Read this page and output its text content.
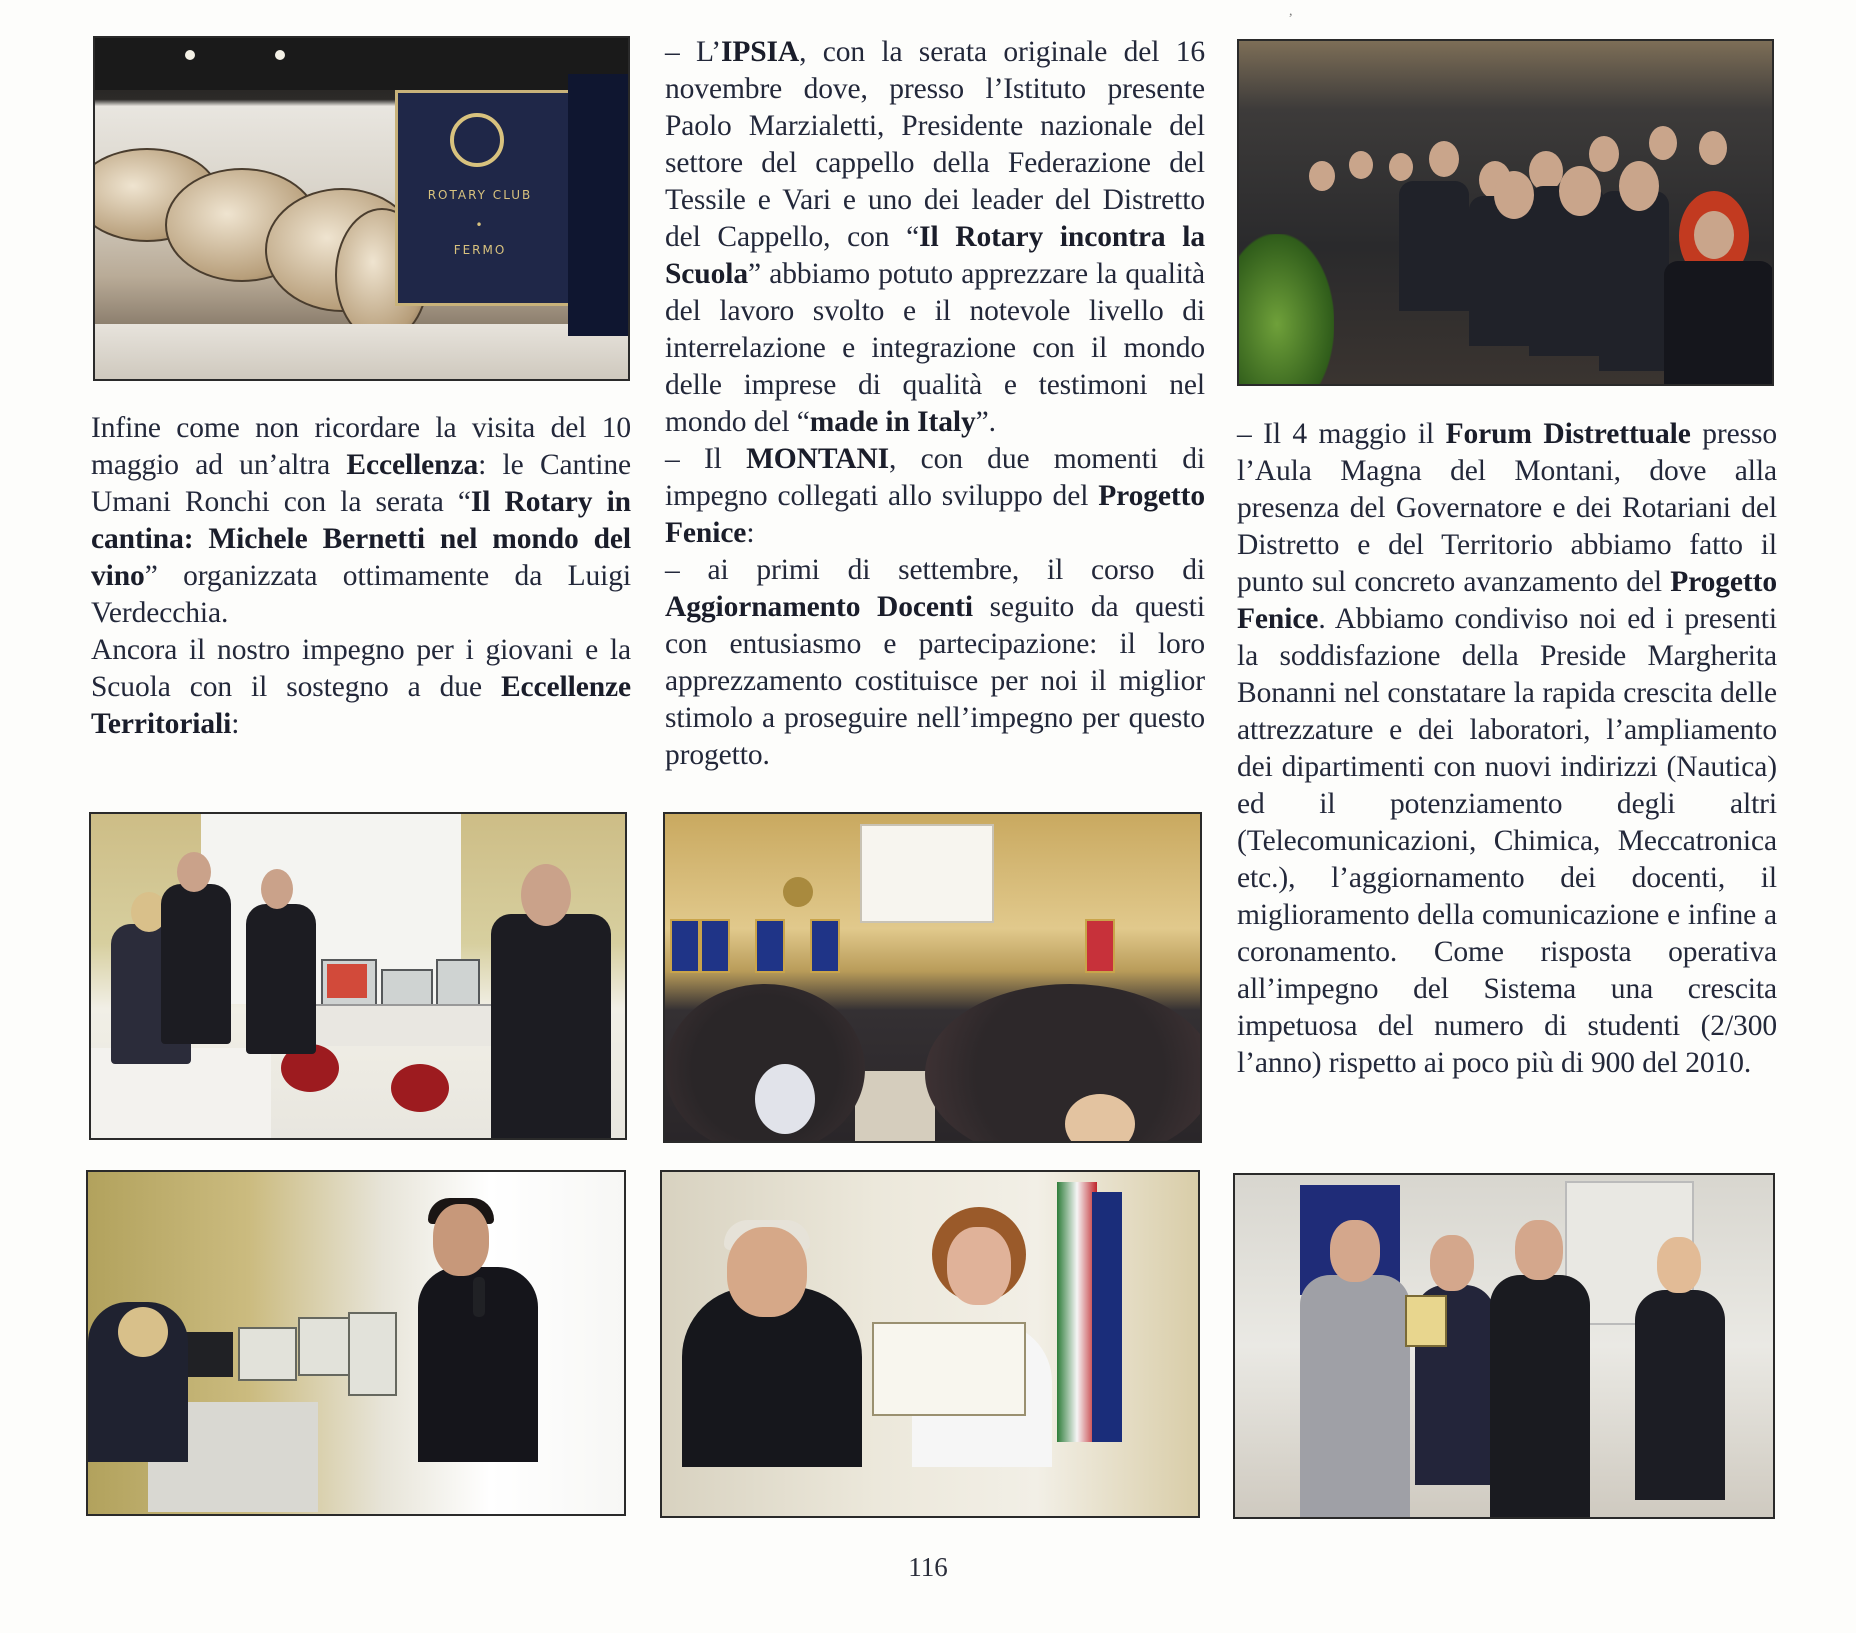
,
ROTARY CLUB
•
FERMO

Infine come non ricordare la visita del 10 maggio ad un’altra Eccellenza: le Cantine Umani Ronchi con la serata “Il Rotary in cantina: Michele Bernetti nel mondo del vino” organizzata ottimamente da Luigi Verdecchia.

Ancora il nostro impegno per i giovani e la Scuola con il sostegno a due Eccellenze Territoriali:

– L’IPSIA, con la serata originale del 16 novembre dove, presso l’Istituto presente Paolo Marzialetti, Presidente nazionale del settore del cappello della Federazione del Tessile e Vari e uno dei leader del Distretto del Cappello, con “Il Rotary incontra la Scuola” abbiamo potuto apprezzare la qualità del lavoro svolto e il notevole livello di interrelazione e integrazione con il mondo delle imprese di qualità e testimoni nel mondo del “made in Italy”.

– Il MONTANI, con due momenti di impegno collegati allo sviluppo del Progetto Fenice:

– ai primi di settembre, il corso di Aggiornamento Docenti seguito da questi con entusiasmo e partecipazione: il loro apprezzamento costituisce per noi il miglior stimolo a proseguire nell’impegno per questo progetto.

– Il 4 maggio il Forum Distrettuale presso l’Aula Magna del Montani, dove alla presenza del Governatore e dei Rotariani del Distretto e del Territorio abbiamo fatto il punto sul concreto avanzamento del Progetto Fenice. Abbiamo condiviso noi ed i presenti la soddisfazione della Preside Margherita Bonanni nel constatare la rapida crescita delle attrezzature e dei laboratori, l’ampliamento dei dipartimenti con nuovi indirizzi (Nautica) ed il potenziamento degli altri (Telecomunicazioni, Chimica, Meccatronica etc.), l’aggiornamento dei docenti, il miglioramento della comunicazione e infine a coronamento. Come risposta operativa all’impegno del Sistema una crescita impetuosa del numero di studenti (2/300 l’anno) rispetto ai poco più di 900 del 2010.

116
